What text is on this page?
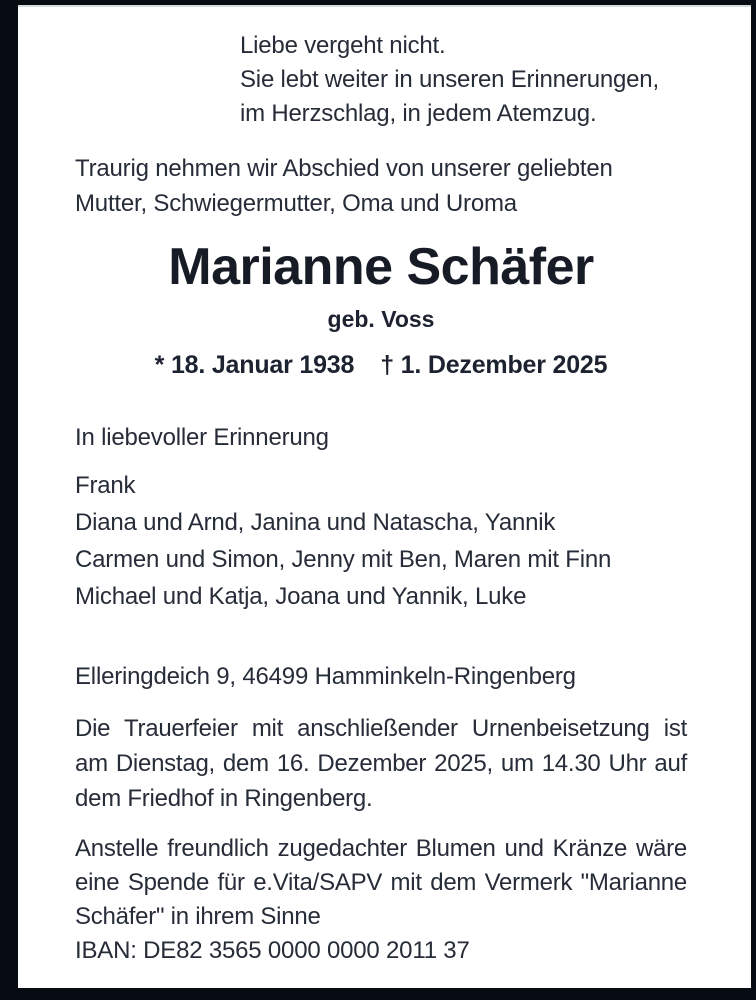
Liebe vergeht nicht.
Sie lebt weiter in unseren Erinnerungen,
im Herzschlag, in jedem Atemzug.

Traurig nehmen wir Abschied von unserer geliebten Mutter, Schwiegermutter, Oma und Uroma

Marianne Schäfer
geb. Voss
* 18. Januar 1938 † 1. Dezember 2025
In liebevoller Erinnerung
Frank
Diana und Arnd, Janina und Natascha, Yannik
Carmen und Simon, Jenny mit Ben, Maren mit Finn
Michael und Katja, Joana und Yannik, Luke
Elleringdeich 9, 46499 Hamminkeln-Ringenberg

Die Trauerfeier mit anschließender Urnenbeisetzung ist am Dienstag, dem 16. Dezember 2025, um 14.30 Uhr auf dem Friedhof in Ringenberg.

Anstelle freundlich zugedachter Blumen und Kränze wäre eine Spende für e.Vita/SAPV mit dem Vermerk "Marianne Schäfer" in ihrem Sinne

IBAN: DE82 3565 0000 0000 2011 37
